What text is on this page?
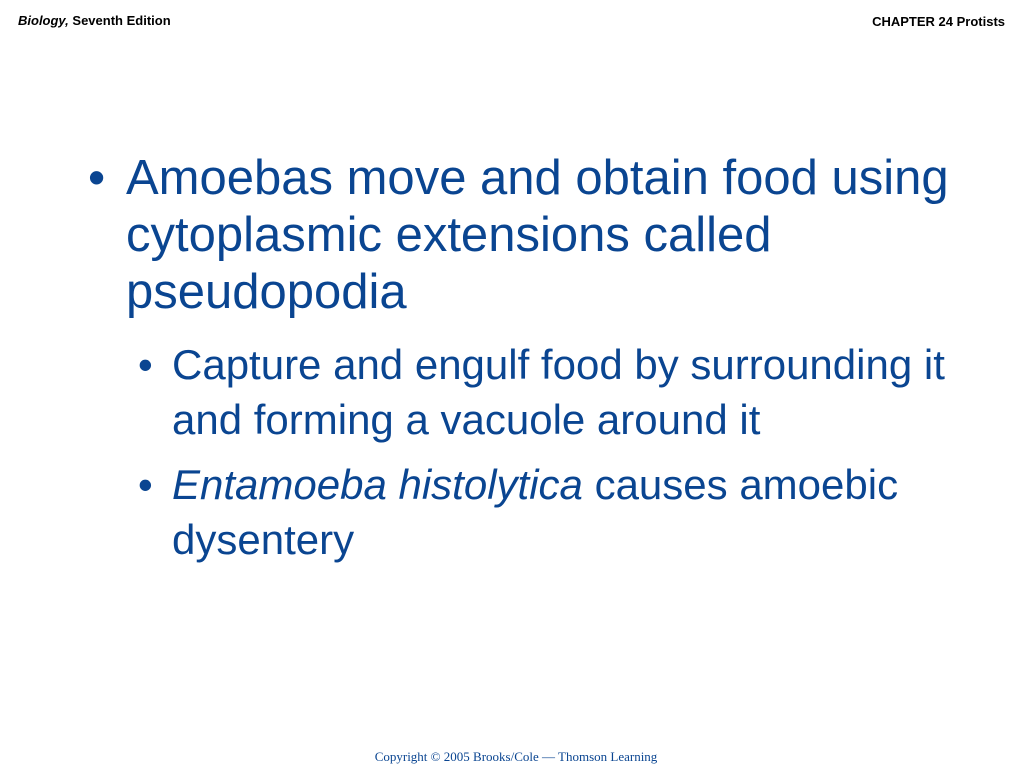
Biology, Seventh Edition	CHAPTER 24 Protists
• Amoebas move and obtain food using cytoplasmic extensions called pseudopodia
• Capture and engulf food by surrounding it and forming a vacuole around it
• Entamoeba histolytica causes amoebic dysentery
Copyright © 2005 Brooks/Cole — Thomson Learning
